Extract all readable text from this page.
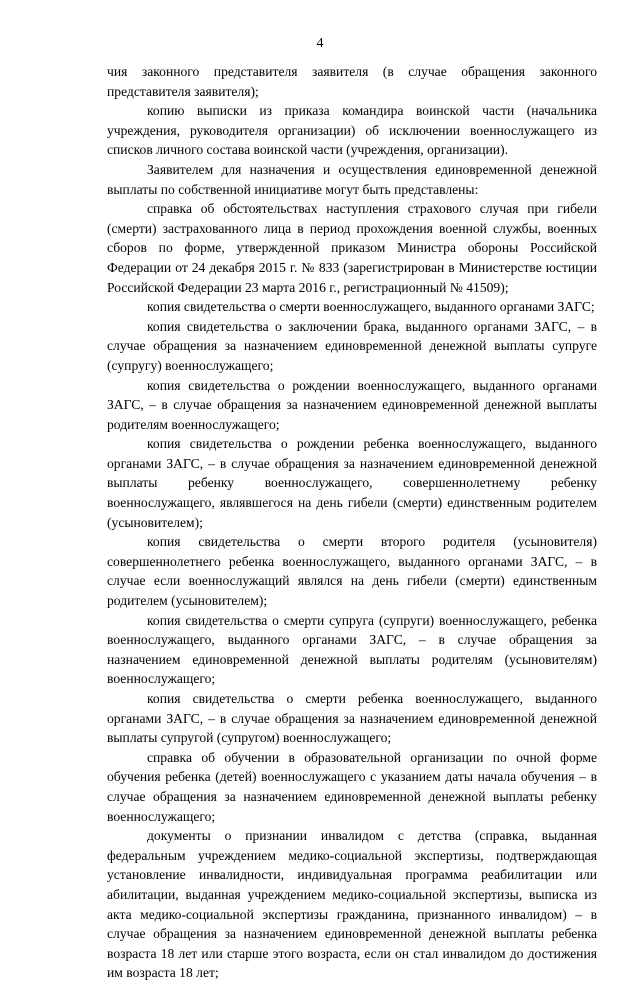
4

чия законного представителя заявителя (в случае обращения законного представителя заявителя);

копию выписки из приказа командира воинской части (начальника учреждения, руководителя организации) об исключении военнослужащего из списков личного состава воинской части (учреждения, организации).

Заявителем для назначения и осуществления единовременной денежной выплаты по собственной инициативе могут быть представлены:

справка об обстоятельствах наступления страхового случая при гибели (смерти) застрахованного лица в период прохождения военной службы, военных сборов по форме, утвержденной приказом Министра обороны Российской Федерации от 24 декабря 2015 г. № 833 (зарегистрирован в Министерстве юстиции Российской Федерации 23 марта 2016 г., регистрационный № 41509);

копия свидетельства о смерти военнослужащего, выданного органами ЗАГС;

копия свидетельства о заключении брака, выданного органами ЗАГС, – в случае обращения за назначением единовременной денежной выплаты супруге (супругу) военнослужащего;

копия свидетельства о рождении военнослужащего, выданного органами ЗАГС, – в случае обращения за назначением единовременной денежной выплаты родителям военнослужащего;

копия свидетельства о рождении ребенка военнослужащего, выданного органами ЗАГС, – в случае обращения за назначением единовременной денежной выплаты ребенку военнослужащего, совершеннолетнему ребенку военнослужащего, являвшегося на день гибели (смерти) единственным родителем (усыновителем);

копия свидетельства о смерти второго родителя (усыновителя) совершеннолетнего ребенка военнослужащего, выданного органами ЗАГС, – в случае если военнослужащий являлся на день гибели (смерти) единственным родителем (усыновителем);

копия свидетельства о смерти супруга (супруги) военнослужащего, ребенка военнослужащего, выданного органами ЗАГС, – в случае обращения за назначением единовременной денежной выплаты родителям (усыновителям) военнослужащего;

копия свидетельства о смерти ребенка военнослужащего, выданного органами ЗАГС, – в случае обращения за назначением единовременной денежной выплаты супругой (супругом) военнослужащего;

справка об обучении в образовательной организации по очной форме обучения ребенка (детей) военнослужащего с указанием даты начала обучения – в случае обращения за назначением единовременной денежной выплаты ребенку военнослужащего;

документы о признании инвалидом с детства (справка, выданная федеральным учреждением медико-социальной экспертизы, подтверждающая установление инвалидности, индивидуальная программа реабилитации или абилитации, выданная учреждением медико-социальной экспертизы, выписка из акта медико-социальной экспертизы гражданина, признанного инвалидом) – в случае обращения за назначением единовременной денежной выплаты ребенка возраста 18 лет или старше этого возраста, если он стал инвалидом до достижения им возраста 18 лет;
